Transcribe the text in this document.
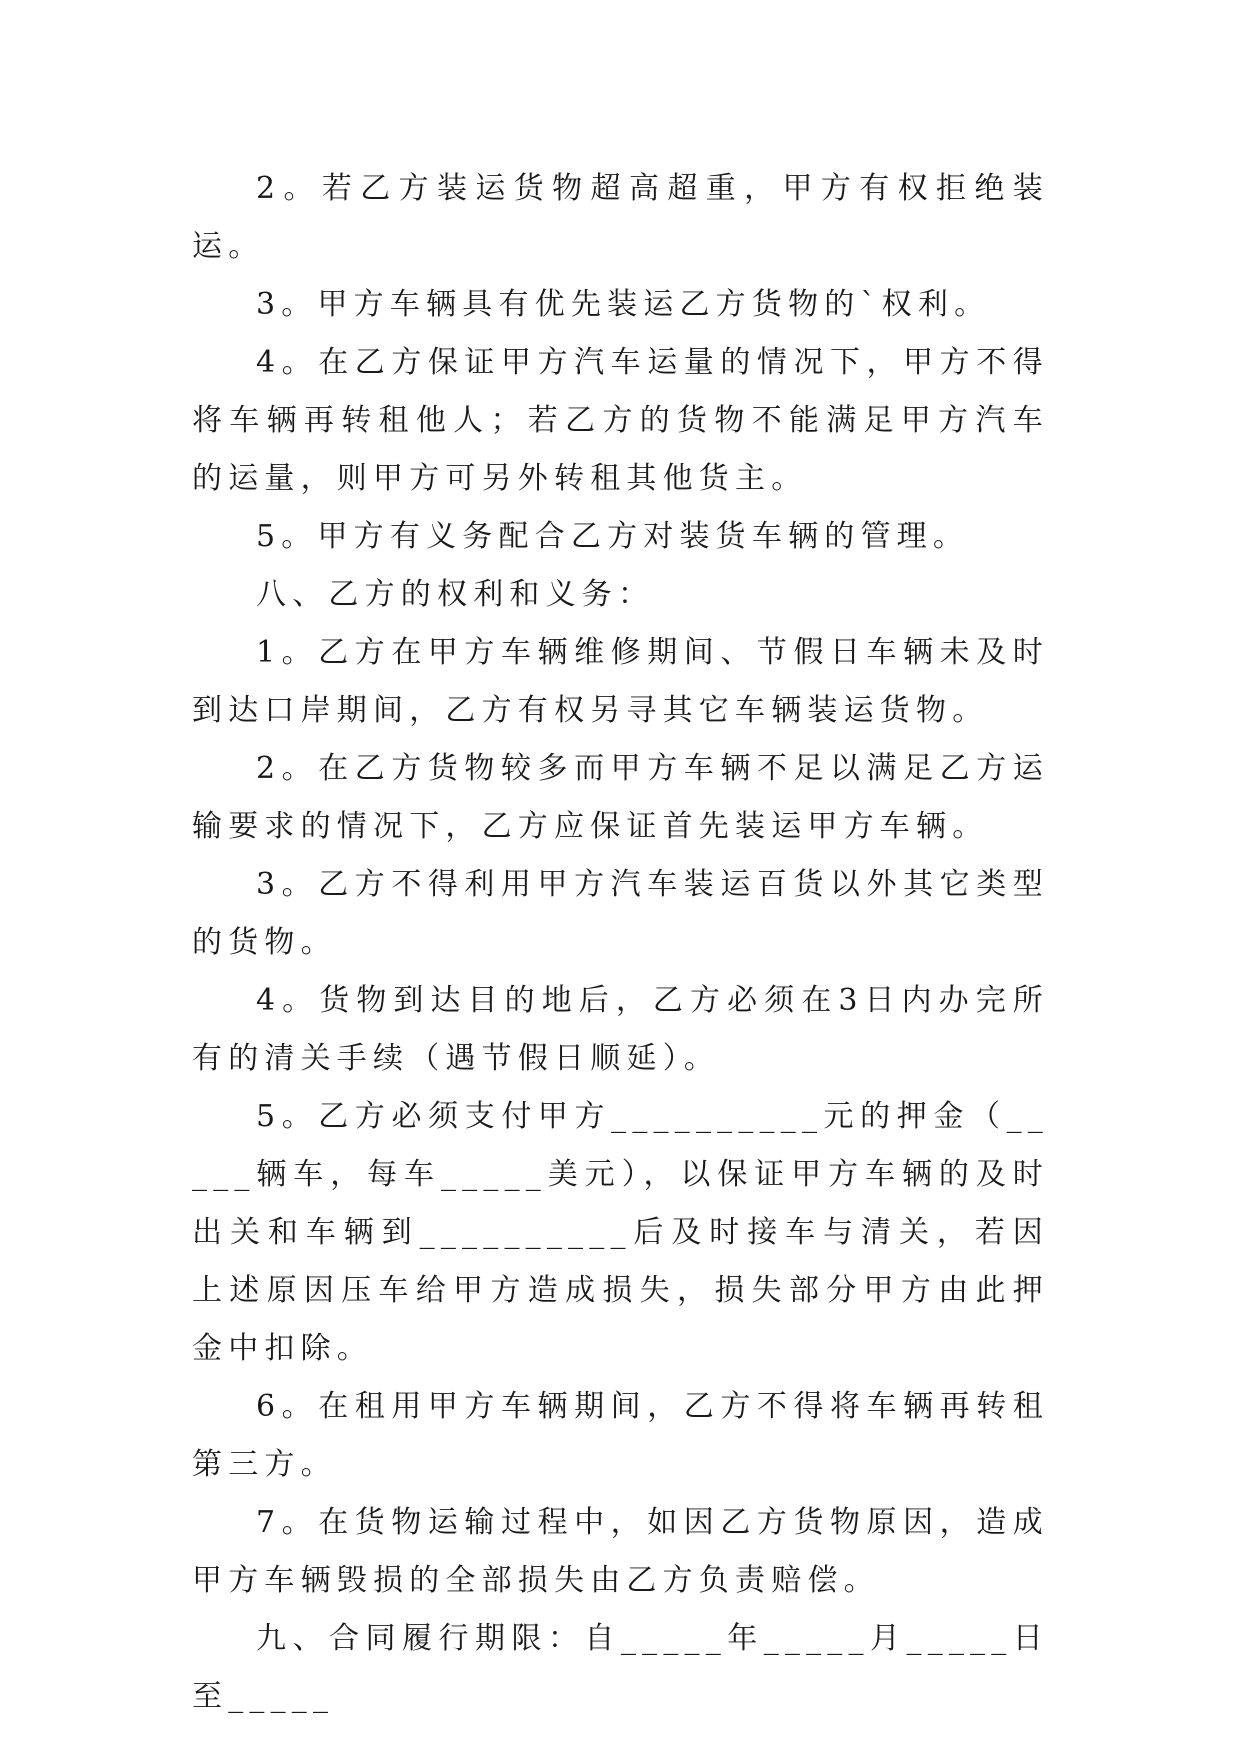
2。若乙方装运货物超高超重，甲方有权拒绝装运。

3。甲方车辆具有优先装运乙方货物的`权利。

4。在乙方保证甲方汽车运量的情况下，甲方不得将车辆再转租他人；若乙方的货物不能满足甲方汽车的运量，则甲方可另外转租其他货主。

5。甲方有义务配合乙方对装货车辆的管理。

八、乙方的权利和义务：

1。乙方在甲方车辆维修期间、节假日车辆未及时到达口岸期间，乙方有权另寻其它车辆装运货物。

2。在乙方货物较多而甲方车辆不足以满足乙方运输要求的情况下，乙方应保证首先装运甲方车辆。

3。乙方不得利用甲方汽车装运百货以外其它类型的货物。

4。货物到达目的地后，乙方必须在3日内办完所有的清关手续（遇节假日顺延）。

5。乙方必须支付甲方__________元的押金（_____辆车，每车_____美元），以保证甲方车辆的及时出关和车辆到__________后及时接车与清关，若因上述原因压车给甲方造成损失，损失部分甲方由此押金中扣除。

6。在租用甲方车辆期间，乙方不得将车辆再转租第三方。

7。在货物运输过程中，如因乙方货物原因，造成甲方车辆毁损的全部损失由乙方负责赔偿。

九、合同履行期限：自_____年_____月_____日至_____
